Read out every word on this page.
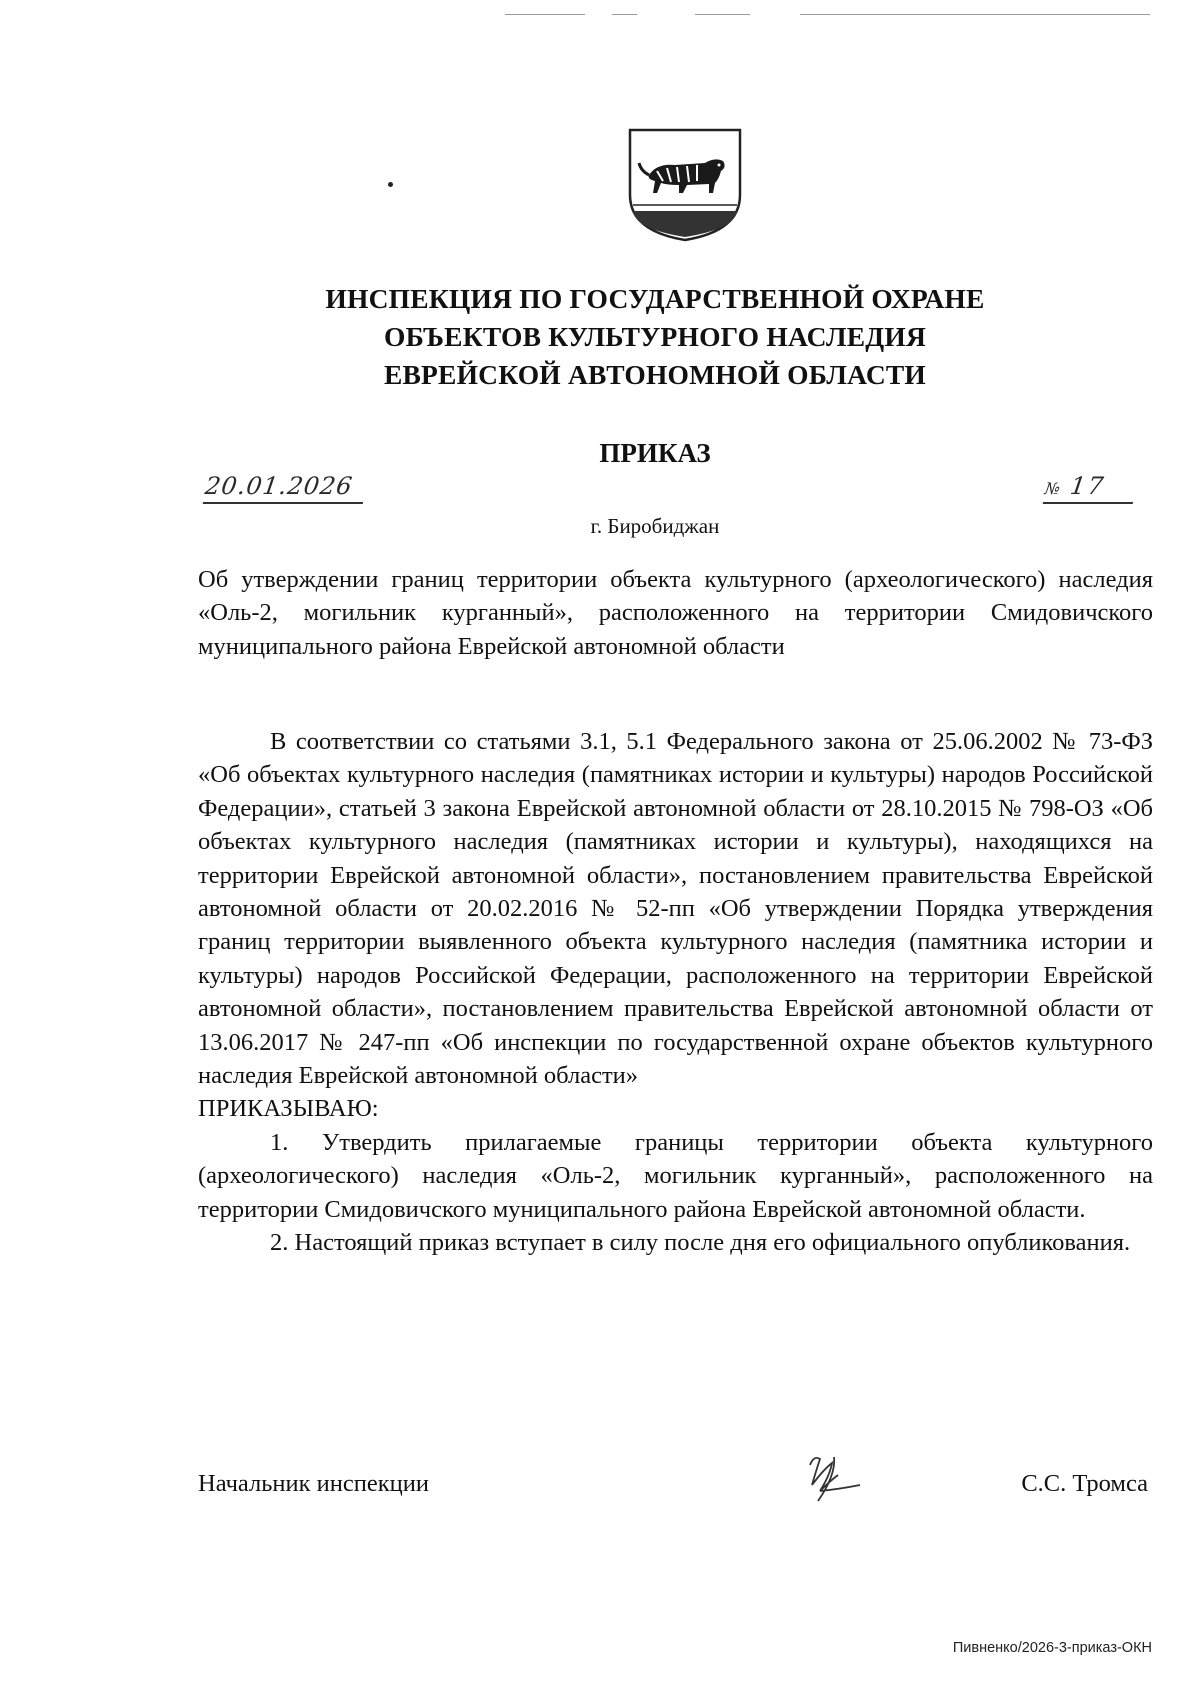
ИНСПЕКЦИЯ ПО ГОСУДАРСТВЕННОЙ ОХРАНЕ
ОБЪЕКТОВ КУЛЬТУРНОГО НАСЛЕДИЯ
ЕВРЕЙСКОЙ АВТОНОМНОЙ ОБЛАСТИ
ПРИКАЗ
20.01.2026	№ 17
г. Биробиджан
Об утверждении границ территории объекта культурного (археологического) наследия «Оль-2, могильник курганный», расположенного на территории Смидовичского муниципального района Еврейской автономной области

В соответствии со статьями 3.1, 5.1 Федерального закона от 25.06.2002 № 73-ФЗ «Об объектах культурного наследия (памятниках истории и культуры) народов Российской Федерации», статьей 3 закона Еврейской автономной области от 28.10.2015 № 798-ОЗ «Об объектах культурного наследия (памятниках истории и культуры), находящихся на территории Еврейской автономной области», постановлением правительства Еврейской автономной области от 20.02.2016 № 52-пп «Об утверждении Порядка утверждения границ территории выявленного объекта культурного наследия (памятника истории и культуры) народов Российской Федерации, расположенного на территории Еврейской автономной области», постановлением правительства Еврейской автономной области от 13.06.2017 № 247-пп «Об инспекции по государственной охране объектов культурного наследия Еврейской автономной области»

ПРИКАЗЫВАЮ:

1. Утвердить прилагаемые границы территории объекта культурного (археологического) наследия «Оль-2, могильник курганный», расположенного на территории Смидовичского муниципального района Еврейской автономной области.

2. Настоящий приказ вступает в силу после дня его официального опубликования.

Начальник инспекции	С.С. Тромса
Пивненко/2026-3-приказ-ОКН
